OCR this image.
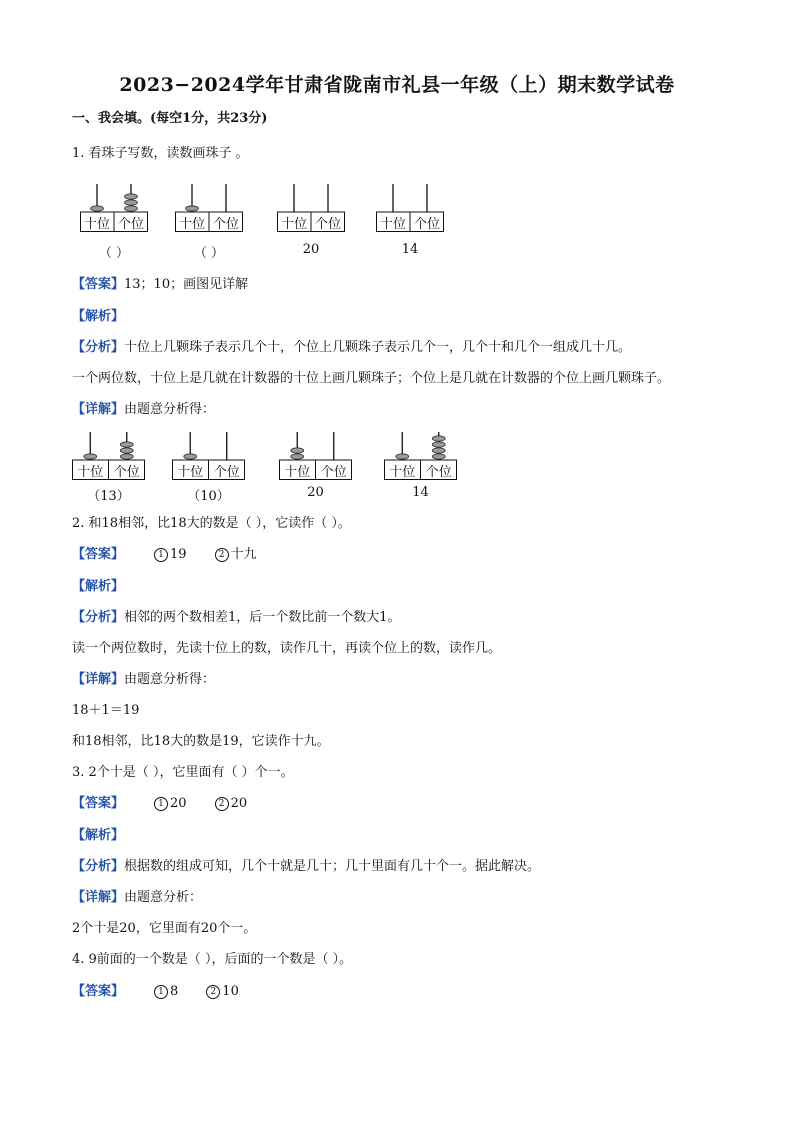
2023−2024学年甘肃省陇南市礼县一年级（上）期末数学试卷
一、我会填。(每空1分，共23分)
1. 看珠子写数，读数画珠子 。
十位 个位
（ ）
十位 个位
（ ）
十位 个位
20
十位 个位
14
【答案】13；10；画图见详解
【解析】
【分析】十位上几颗珠子表示几个十，个位上几颗珠子表示几个一，几个十和几个一组成几十几。
一个两位数，十位上是几就在计数器的十位上画几颗珠子；个位上是几就在计数器的个位上画几颗珠子。
【详解】由题意分析得：
十位 个位
（13）
十位 个位
（10）
十位 个位
20
十位 个位
14
2. 和18相邻，比18大的数是（ ），它读作（ ）。
【答案】	1 19	2 十九
【解析】
【分析】相邻的两个数相差1，后一个数比前一个数大1。
读一个两位数时，先读十位上的数，读作几十，再读个位上的数，读作几。
【详解】由题意分析得：
18＋1＝19
和18相邻，比18大的数是19，它读作十九。
3. 2个十是（ ），它里面有（ ）个一。
【答案】	1 20	2 20
【解析】
【分析】根据数的组成可知，几个十就是几十；几十里面有几十个一。据此解决。
【详解】由题意分析：
2个十是20，它里面有20个一。
4. 9前面的一个数是（ ），后面的一个数是（ ）。
【答案】	1 8	2 10
